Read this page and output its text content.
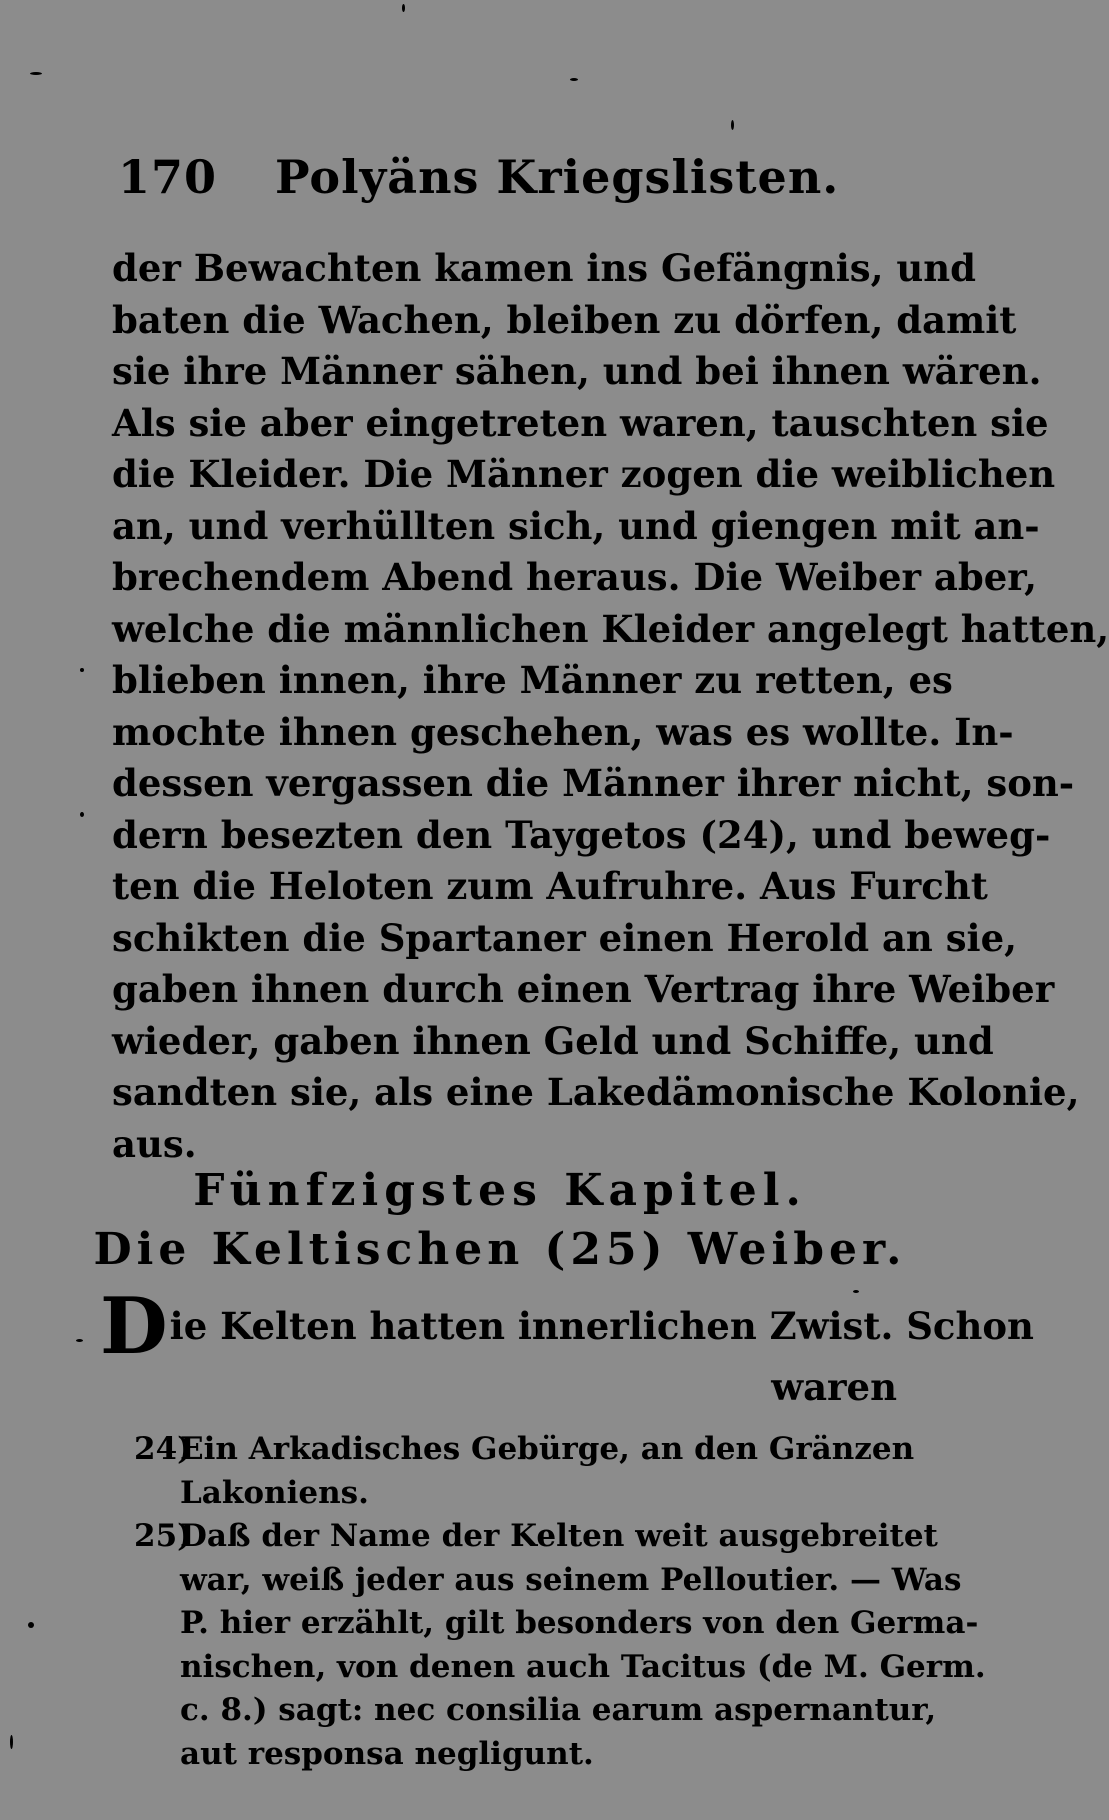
170 Polyäns Kriegslisten.
der Bewachten kamen ins Gefängnis, und
baten die Wachen, bleiben zu dörfen, damit
sie ihre Männer sähen, und bei ihnen wären.
Als sie aber eingetreten waren, tauschten sie
die Kleider. Die Männer zogen die weiblichen
an, und verhüllten sich, und giengen mit an-
brechendem Abend heraus. Die Weiber aber,
welche die männlichen Kleider angelegt hatten,
blieben innen, ihre Männer zu retten, es
mochte ihnen geschehen, was es wollte. In-
dessen vergassen die Männer ihrer nicht, son-
dern besezten den Taygetos (24), und beweg-
ten die Heloten zum Aufruhre. Aus Furcht
schikten die Spartaner einen Herold an sie,
gaben ihnen durch einen Vertrag ihre Weiber
wieder, gaben ihnen Geld und Schiffe, und
sandten sie, als eine Lakedämonische Kolonie,
aus.
Fünfzigstes Kapitel.
Die Keltischen (25) Weiber.
Die Kelten hatten innerlichen Zwist. Schon
waren
24)Ein Arkadisches Gebürge, an den Gränzen
Lakoniens.
25)Daß der Name der Kelten weit ausgebreitet
war, weiß jeder aus seinem Pelloutier. — Was
P. hier erzählt, gilt besonders von den Germa-
nischen, von denen auch Tacitus (de M. Germ.
c. 8.) sagt: nec consilia earum aspernantur,
aut responsa negligunt.
